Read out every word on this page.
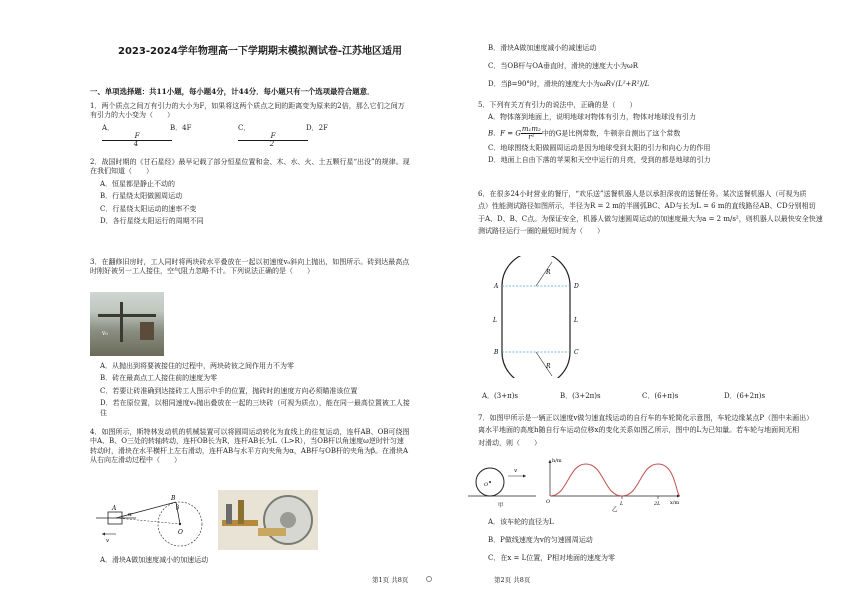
2023-2024学年物理高一下学期期末模拟测试卷-江苏地区适用
一、单项选择题：共11小题，每小题4分，计44分．每小题只有一个选项最符合题意．
1．两个质点之间万有引力的大小为F，如果将这两个质点之间的距离变为原来的2倍，那么它们之间万有引力的大小变为（　　）
A．
$\frac{F}{4}$
B．4F	C．
$\frac{F}{2}$
D．2F
2．战国时期的《甘石星经》最早记载了部分恒星位置和金、木、水、火、土五颗行星“出没”的规律。现在我们知道（　　）
A．恒星都是静止不动的
B．行星绕太阳做圆周运动
C．行星绕太阳运动的速率不变
D．各行星绕太阳运行的周期不同
3．在翻修旧房时，工人同时将两块砖水平叠放在一起以初速度v₀斜向上抛出，如图所示。砖到达最高点时刚好被另一工人接住，空气阻力忽略不计。下列说法正确的是（　　）
v₀
A．从抛出到将要被接住的过程中，两块砖彼之间作用力不为零
B．砖在最高点工人接住前的速度为零
C．若要让砖准确到达接砖工人图示中手的位置，抛砖时的速度方向必须瞄准该位置
D．若在原位置，以相同速度v₀抛出叠放在一起的三块砖（可视为质点），能在同一最高位置被工人接住
4．如图所示，斯特林发动机的机械装置可以将圆周运动转化为直线上的往复运动，连杆AB、OB可绕图中A、B、O三处的转轴转动，连杆OB长为R，连杆AB长为L（L>R），当OB杆以角速度ω逆时针匀速转动时，滑块在水平横杆上左右滑动，连杆AB与水平方向夹角为α，AB杆与OB杆的夹角为β。在滑块A从右向左滑动过程中（　　）
A
α
B
β
O
v
A．滑块A做加速度减小的加速运动
第1页 共8页
B．滑块A做加速度减小的减速运动
C．当OB杆与OA垂直时，滑块的速度大小为ωR
D．当β=90°时，滑块的速度大小为ωR√(L²+R²)/L
5．下列有关万有引力的说法中，正确的是（　　）
A．物体落到地面上，说明地球对物体有引力，物体对地球没有引力
B．F = G $\frac{\text{m₁m₂}}{\text{r²}}$ 中的G是比例常数，牛顿亲自测出了这个常数
C．地球围绕太阳做圆周运动是因为地球受到太阳的引力和向心力的作用
D．地面上自由下落的苹果和天空中运行的月亮，受到的都是地球的引力
6．在很多24小时营业的餐厅，“欢乐送”送餐机器人是以承担深夜的送餐任务。某次送餐机器人（可视为质
点）性能测试路径如图所示，半径为R = 2 m的半圆弧BC、AD与长为L = 6 m的直线路径AB、CD分别相切
于A、D、B、C点。为保证安全，机器人做匀速圆周运动的加速度最大为a = 2 m/s²，则机器人以最快安全快速
测试路径运行一圈的最短时间为（　　）
A	D
B	C
L	L
R
R
A．(3+π)s	B．(3+2π)s	C．(6+π)s	D．(6+2π)s
7．如图甲所示是一辆正以速度v做匀速直线运动的自行车的车轮简化示意图，车轮边缘某点P（图中未画出）
离水平地面的高度h随自行车运动位移x的变化关系如图乙所示，图中的L为已知量。若车轮与地面间无相
对滑动，则（　　）
O
v
甲
h/m
x/m
O	L	2L
乙
A．该车轮的直径为L
B．P做线速度为v的匀速圆周运动
C．在x = L位置，P相对地面的速度为零
第2页 共8页
